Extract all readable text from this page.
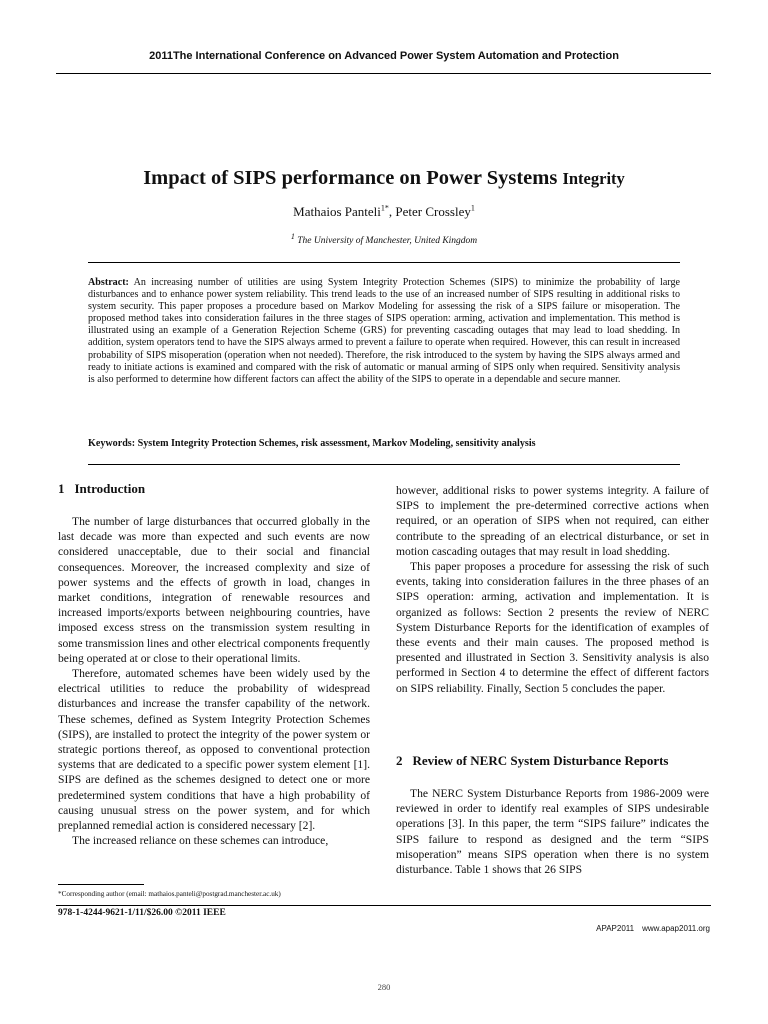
2011The International Conference on Advanced Power System Automation and Protection
Impact of SIPS performance on Power Systems Integrity
Mathaios Panteli$^{1*}$, Peter Crossley$^1$
$^1$ The University of Manchester, United Kingdom
Abstract: An increasing number of utilities are using System Integrity Protection Schemes (SIPS) to minimize the probability of large disturbances and to enhance power system reliability. This trend leads to the use of an increased number of SIPS resulting in additional risks to system security. This paper proposes a procedure based on Markov Modeling for assessing the risk of a SIPS failure or misoperation. The proposed method takes into consideration failures in the three stages of SIPS operation: arming, activation and implementation. This method is illustrated using an example of a Generation Rejection Scheme (GRS) for preventing cascading outages that may lead to load shedding. In addition, system operators tend to have the SIPS always armed to prevent a failure to operate when required. However, this can result in increased probability of SIPS misoperation (operation when not needed). Therefore, the risk introduced to the system by having the SIPS always armed and ready to initiate actions is examined and compared with the risk of automatic or manual arming of SIPS only when required. Sensitivity analysis is also performed to determine how different factors can affect the ability of the SIPS to operate in a dependable and secure manner.
Keywords: System Integrity Protection Schemes, risk assessment, Markov Modeling, sensitivity analysis
1 Introduction

The number of large disturbances that occurred globally in the last decade was more than expected and such events are now considered unacceptable, due to their social and financial consequences. Moreover, the increased complexity and size of power systems and the effects of growth in load, changes in market conditions, integration of renewable resources and increased imports/exports between neighbouring countries, have imposed excess stress on the transmission system resulting in some transmission lines and other electrical components frequently being operated at or close to their operational limits.

Therefore, automated schemes have been widely used by the electrical utilities to reduce the probability of widespread disturbances and increase the transfer capability of the network. These schemes, defined as System Integrity Protection Schemes (SIPS), are installed to protect the integrity of the power system or strategic portions thereof, as opposed to conventional protection systems that are dedicated to a specific power system element [1]. SIPS are defined as the schemes designed to detect one or more predetermined system conditions that have a high probability of causing unusual stress on the power system, and for which preplanned remedial action is considered necessary [2].

The increased reliance on these schemes can introduce,

however, additional risks to power systems integrity. A failure of SIPS to implement the pre-determined corrective actions when required, or an operation of SIPS when not required, can either contribute to the spreading of an electrical disturbance, or set in motion cascading outages that may result in load shedding.

This paper proposes a procedure for assessing the risk of such events, taking into consideration failures in the three phases of an SIPS operation: arming, activation and implementation. It is organized as follows: Section 2 presents the review of NERC System Disturbance Reports for the identification of examples of these events and their main causes. The proposed method is presented and illustrated in Section 3. Sensitivity analysis is also performed in Section 4 to determine the effect of different factors on SIPS reliability. Finally, Section 5 concludes the paper.

2 Review of NERC System Disturbance Reports

The NERC System Disturbance Reports from 1986-2009 were reviewed in order to identify real examples of SIPS undesirable operations [3]. In this paper, the term “SIPS failure” indicates the SIPS failure to respond as designed and the term “SIPS misoperation” means SIPS operation when there is no system disturbance. Table 1 shows that 26 SIPS

*Corresponding author (email: mathaios.panteli@postgrad.manchester.ac.uk)
978-1-4244-9621-1/11/$26.00 ©2011 IEEE
APAP2011 www.apap2011.org
280
